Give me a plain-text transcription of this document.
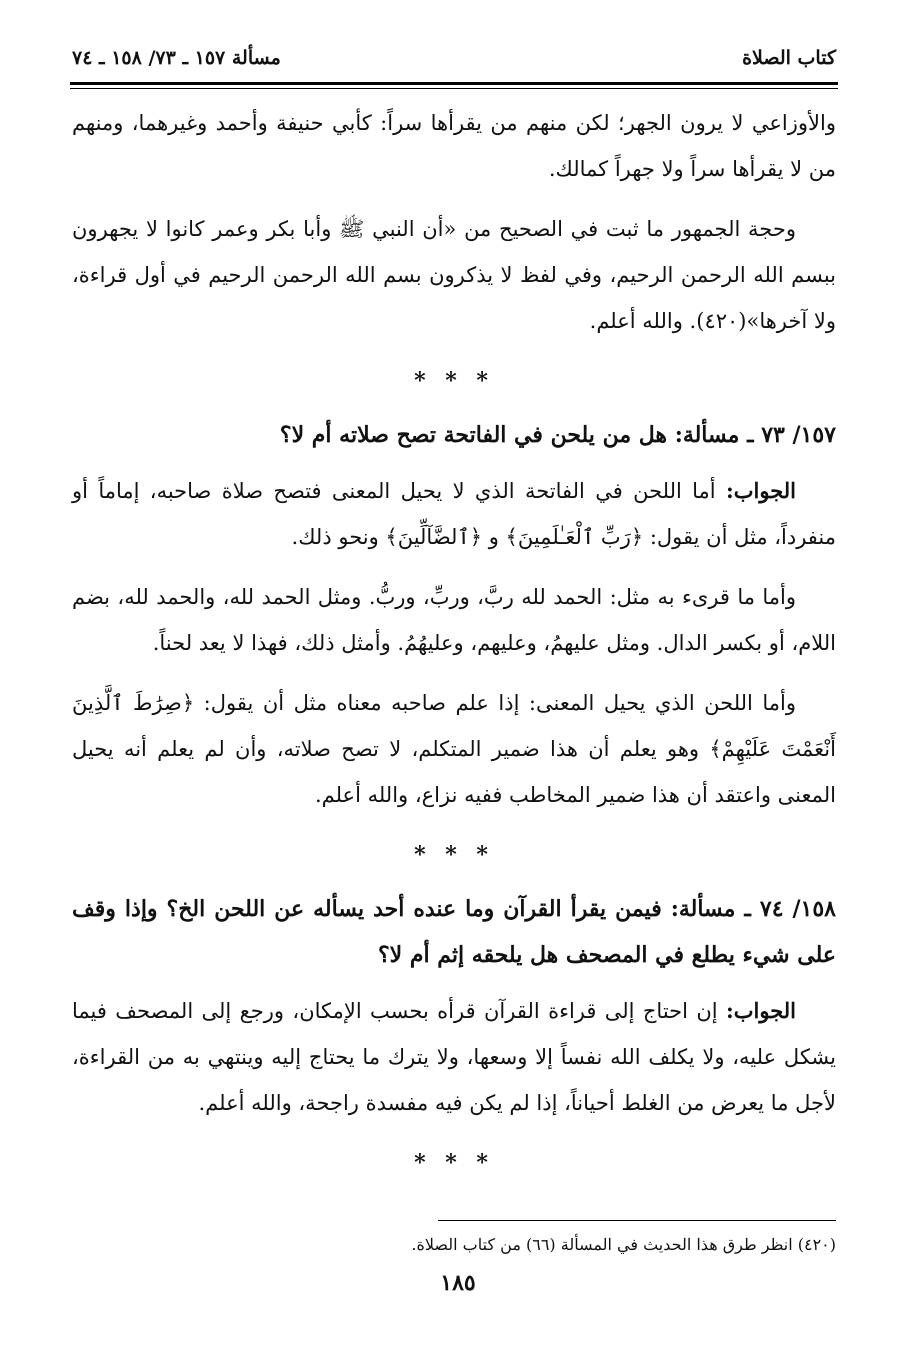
مسألة ١٥٧ ـ ٧٣/ ١٥٨ ـ ٧٤	كتاب الصلاة

والأوزاعي لا يرون الجهر؛ لكن منهم من يقرأها سراً: كأبي حنيفة وأحمد وغيرهما، ومنهم من لا يقرأها سراً ولا جهراً كمالك.

وحجة الجمهور ما ثبت في الصحيح من «أن النبي ﷺ وأبا بكر وعمر كانوا لا يجهرون ببسم الله الرحمن الرحيم، وفي لفظ لا يذكرون بسم الله الرحمن الرحيم في أول قراءة، ولا آخرها»(٤٢٠). والله أعلم.

* * *

١٥٧/ ٧٣ ـ مسألة: هل من يلحن في الفاتحة تصح صلاته أم لا؟

الجواب: أما اللحن في الفاتحة الذي لا يحيل المعنى فتصح صلاة صاحبه، إماماً أو منفرداً، مثل أن يقول: ﴿رَبِّ ٱلْعَـٰلَمِينَ﴾ و ﴿ٱلضَّآلِّينَ﴾ ونحو ذلك.

وأما ما قرىء به مثل: الحمد لله ربَّ، وربِّ، وربُّ. ومثل الحمد لله، والحمد لله، بضم اللام، أو بكسر الدال. ومثل عليهمُ، وعليهم، وعليهُمُ. وأمثل ذلك، فهذا لا يعد لحناً.

وأما اللحن الذي يحيل المعنى: إذا علم صاحبه معناه مثل أن يقول: ﴿صِرَٰطَ ٱلَّذِينَ أَنْعَمْتَ عَلَيْهِمْ﴾ وهو يعلم أن هذا ضمير المتكلم، لا تصح صلاته، وأن لم يعلم أنه يحيل المعنى واعتقد أن هذا ضمير المخاطب ففيه نزاع، والله أعلم.

* * *

١٥٨/ ٧٤ ـ مسألة: فيمن يقرأ القرآن وما عنده أحد يسأله عن اللحن الخ؟ وإذا وقف على شيء يطلع في المصحف هل يلحقه إثم أم لا؟

الجواب: إن احتاج إلى قراءة القرآن قرأه بحسب الإمكان، ورجع إلى المصحف فيما يشكل عليه، ولا يكلف الله نفساً إلا وسعها، ولا يترك ما يحتاج إليه وينتهي به من القراءة، لأجل ما يعرض من الغلط أحياناً، إذا لم يكن فيه مفسدة راجحة، والله أعلم.

* * *
(٤٢٠) انظر طرق هذا الحديث في المسألة (٦٦) من كتاب الصلاة.
١٨٥
